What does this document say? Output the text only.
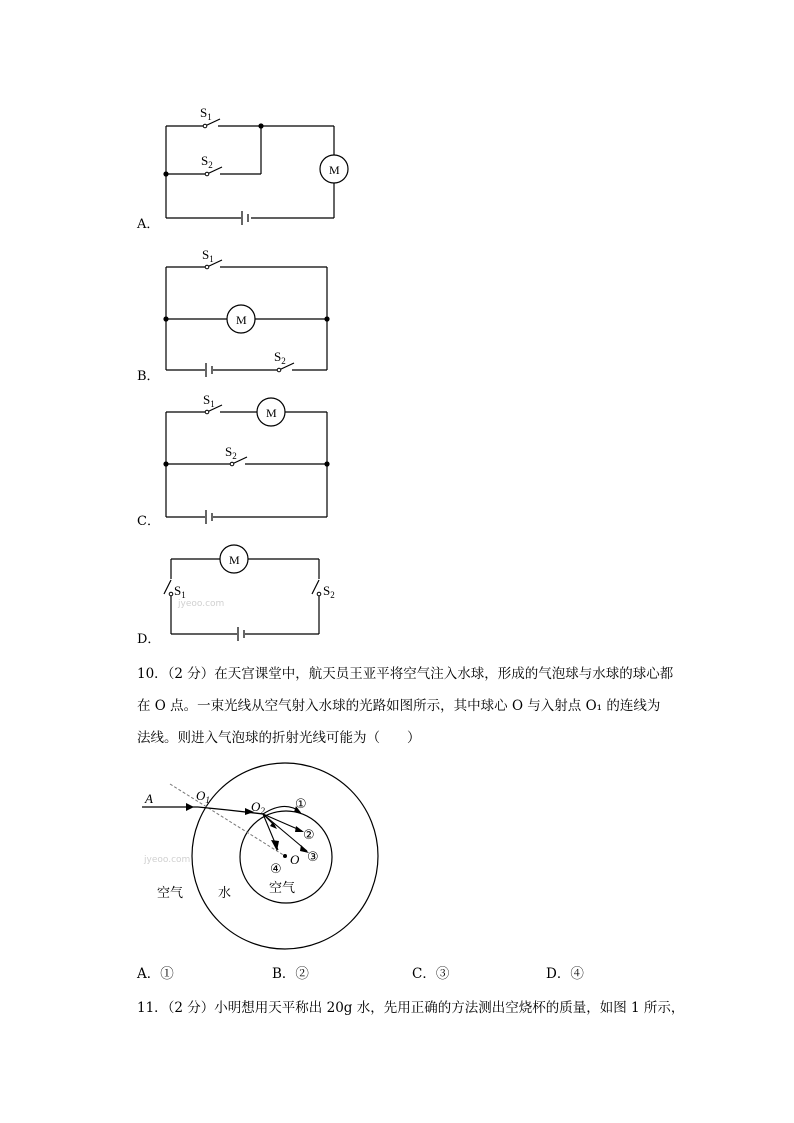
$S_1$
$S_2$	M
$S_1$
$S_2$
M
$S_1$
$S_2$
M
$S_1$	$S_2$
M
jyeoo.com
A．
B．
C．
D．
A	$O_1$	$O_2$
O
①
②
③
④
空气	水	空气
jyeoo.com

10．（2 分）在天宫课堂中，航天员王亚平将空气注入水球，形成的气泡球与水球的球心都

在 O 点。一束光线从空气射入水球的光路如图所示，其中球心 O 与入射点 O₁ 的连线为

法线。则进入气泡球的折射光线可能为（　　）

A．①	B．②	C．③	D．④

11．（2 分）小明想用天平称出 20g 水，先用正确的方法测出空烧杯的质量，如图 1 所示，
